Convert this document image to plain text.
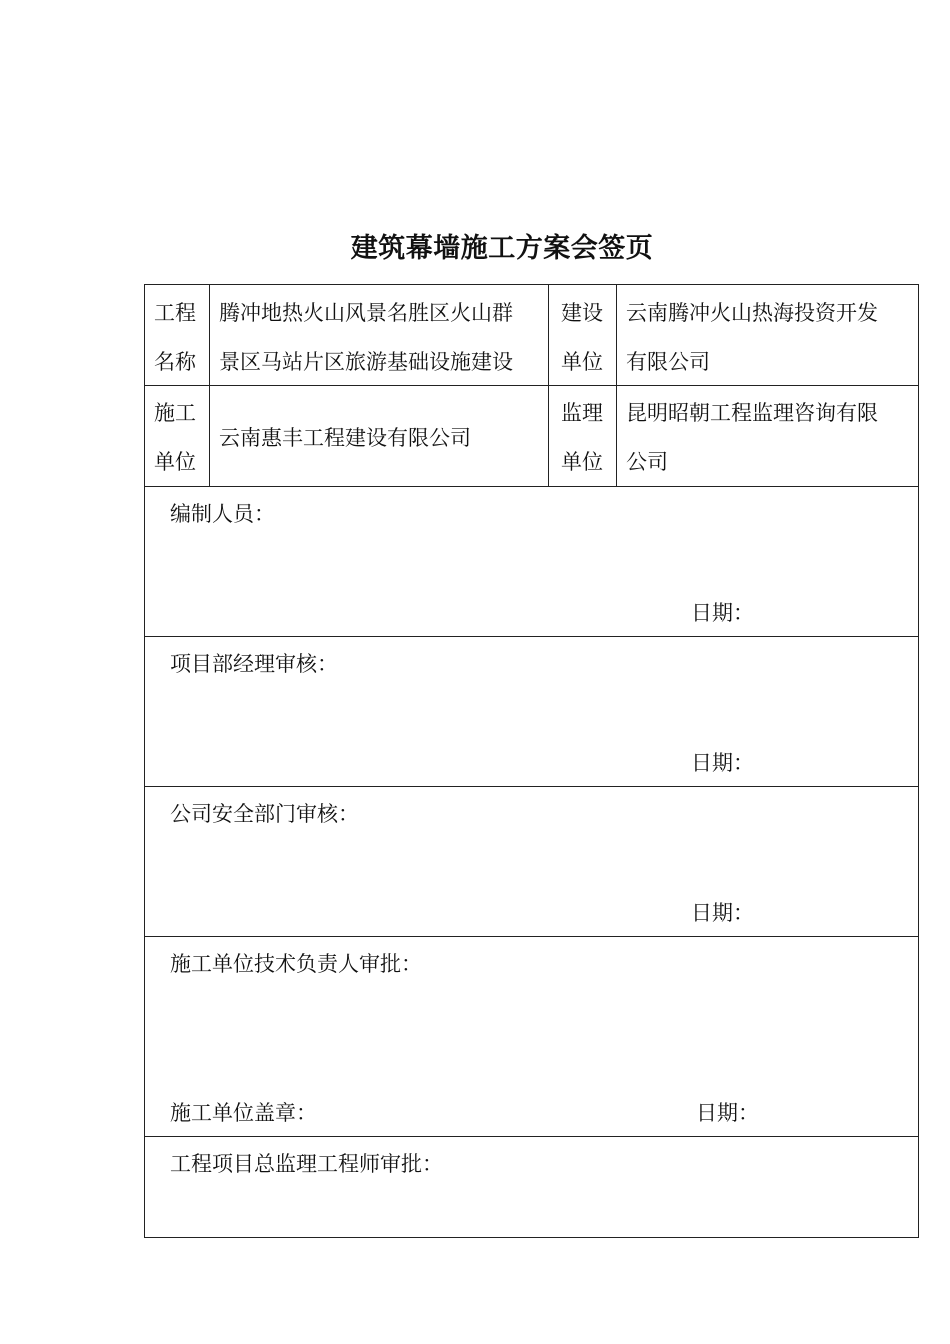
建筑幕墙施工方案会签页
工程
名称
腾冲地热火山风景名胜区火山群
景区马站片区旅游基础设施建设
建设
单位
云南腾冲火山热海投资开发
有限公司
施工
单位
云南惠丰工程建设有限公司
监理
单位
昆明昭朝工程监理咨询有限
公司
编制人员：
日期：
项目部经理审核：
日期：
公司安全部门审核：
日期：
施工单位技术负责人审批：
施工单位盖章：	日期：
工程项目总监理工程师审批：
